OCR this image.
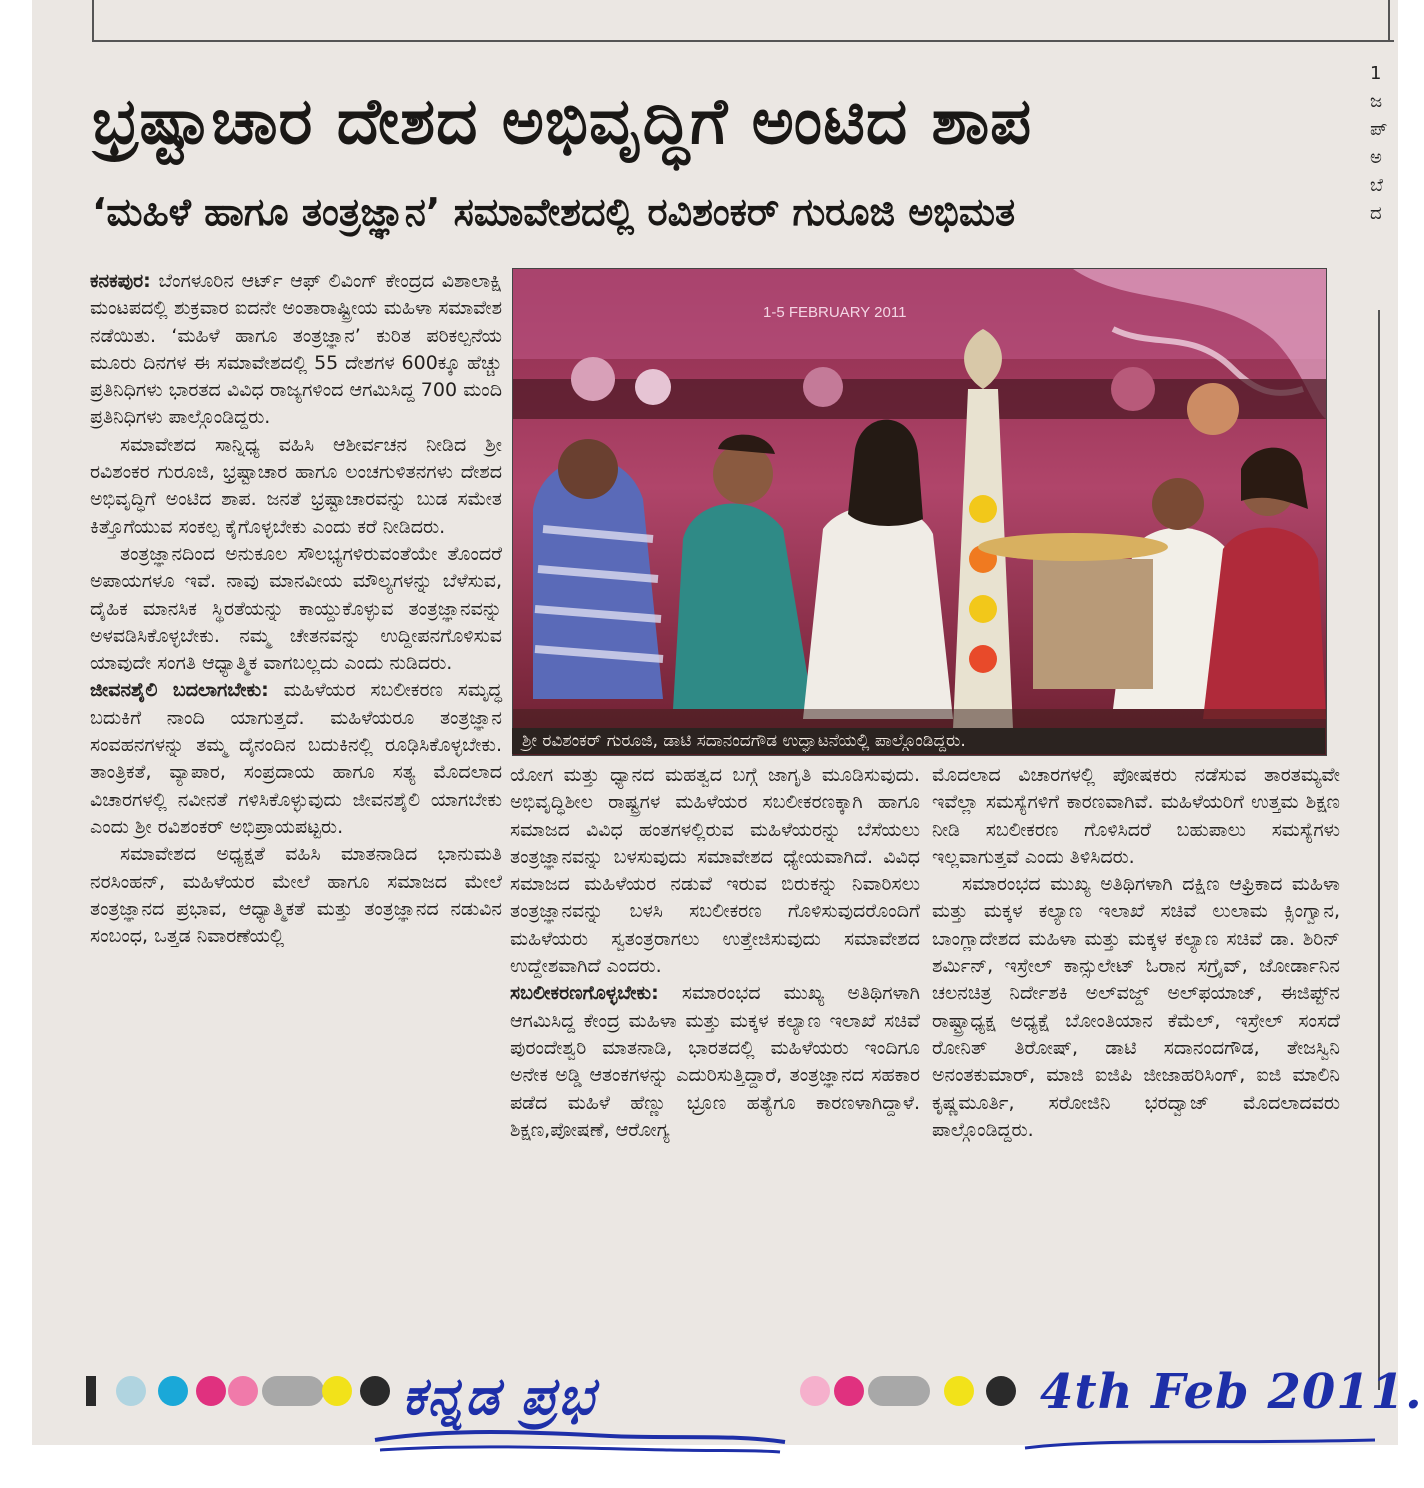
ಭ್ರಷ್ಟಾಚಾರ ದೇಶದ ಅಭಿವೃದ್ಧಿಗೆ ಅಂಟಿದ ಶಾಪ
‘ಮಹಿಳೆ ಹಾಗೂ ತಂತ್ರಜ್ಞಾನ’ ಸಮಾವೇಶದಲ್ಲಿ ರವಿಶಂಕರ್ ಗುರೂಜಿ ಅಭಿಮತ

ಕನಕಪುರ: ಬೆಂಗಳೂರಿನ ಆರ್ಟ್ ಆಫ್ ಲಿವಿಂಗ್ ಕೇಂದ್ರದ ವಿಶಾಲಾಕ್ಷಿ ಮಂಟಪದಲ್ಲಿ ಶುಕ್ರವಾರ ಐದನೇ ಅಂತಾರಾಷ್ಟ್ರೀಯ ಮಹಿಳಾ ಸಮಾವೇಶ ನಡೆಯಿತು. ‘ಮಹಿಳೆ ಹಾಗೂ ತಂತ್ರಜ್ಞಾನ’ ಕುರಿತ ಪರಿಕಲ್ಪನೆಯ ಮೂರು ದಿನಗಳ ಈ ಸಮಾವೇಶದಲ್ಲಿ 55 ದೇಶಗಳ 600ಕ್ಕೂ ಹೆಚ್ಚು ಪ್ರತಿನಿಧಿಗಳು ಭಾರತದ ವಿವಿಧ ರಾಜ್ಯಗಳಿಂದ ಆಗಮಿಸಿದ್ದ 700 ಮಂದಿ ಪ್ರತಿನಿಧಿಗಳು ಪಾಲ್ಗೊಂಡಿದ್ದರು.

ಸಮಾವೇಶದ ಸಾನ್ನಿಧ್ಯ ವಹಿಸಿ ಆಶೀರ್ವಚನ ನೀಡಿದ ಶ್ರೀ ರವಿಶಂಕರ ಗುರೂಜಿ, ಭ್ರಷ್ಟಾಚಾರ ಹಾಗೂ ಲಂಚಗುಳಿತನಗಳು ದೇಶದ ಅಭಿವೃದ್ಧಿಗೆ ಅಂಟಿದ ಶಾಪ. ಜನತೆ ಭ್ರಷ್ಟಾಚಾರವನ್ನು ಬುಡ ಸಮೇತ ಕಿತ್ತೊಗೆಯುವ ಸಂಕಲ್ಪ ಕೈಗೊಳ್ಳಬೇಕು ಎಂದು ಕರೆ ನೀಡಿದರು.

ತಂತ್ರಜ್ಞಾನದಿಂದ ಅನುಕೂಲ ಸೌಲಭ್ಯಗಳಿರುವಂತೆಯೇ ತೊಂದರೆ ಅಪಾಯಗಳೂ ಇವೆ. ನಾವು ಮಾನವೀಯ ಮೌಲ್ಯಗಳನ್ನು ಬೆಳೆಸುವ, ದೈಹಿಕ ಮಾನಸಿಕ ಸ್ಥಿರತೆಯನ್ನು ಕಾಯ್ದುಕೊಳ್ಳುವ ತಂತ್ರಜ್ಞಾನವನ್ನು ಅಳವಡಿಸಿಕೊಳ್ಳಬೇಕು. ನಮ್ಮ ಚೇತನವನ್ನು ಉದ್ದೀಪನಗೊಳಿಸುವ ಯಾವುದೇ ಸಂಗತಿ ಆಧ್ಯಾತ್ಮಿಕ ವಾಗಬಲ್ಲದು ಎಂದು ನುಡಿದರು.

ಜೀವನಶೈಲಿ ಬದಲಾಗಬೇಕು: ಮಹಿಳೆಯರ ಸಬಲೀಕರಣ ಸಮೃದ್ಧ ಬದುಕಿಗೆ ನಾಂದಿ ಯಾಗುತ್ತದೆ. ಮಹಿಳೆಯರೂ ತಂತ್ರಜ್ಞಾನ ಸಂವಹನಗಳನ್ನು ತಮ್ಮ ದೈನಂದಿನ ಬದುಕಿನಲ್ಲಿ ರೂಢಿಸಿಕೊಳ್ಳಬೇಕು. ತಾಂತ್ರಿಕತೆ, ವ್ಯಾಪಾರ, ಸಂಪ್ರದಾಯ ಹಾಗೂ ಸತ್ಯ ಮೊದಲಾದ ವಿಚಾರಗಳಲ್ಲಿ ನವೀನತೆ ಗಳಿಸಿಕೊಳ್ಳುವುದು ಜೀವನಶೈಲಿ ಯಾಗಬೇಕು ಎಂದು ಶ್ರೀ ರವಿಶಂಕರ್ ಅಭಿಪ್ರಾಯಪಟ್ಟರು.

ಸಮಾವೇಶದ ಅಧ್ಯಕ್ಷತೆ ವಹಿಸಿ ಮಾತನಾಡಿದ ಭಾನುಮತಿ ನರಸಿಂಹನ್, ಮಹಿಳೆಯರ ಮೇಲೆ ಹಾಗೂ ಸಮಾಜದ ಮೇಲೆ ತಂತ್ರಜ್ಞಾನದ ಪ್ರಭಾವ, ಆಧ್ಯಾತ್ಮಿಕತೆ ಮತ್ತು ತಂತ್ರಜ್ಞಾನದ ನಡುವಿನ ಸಂಬಂಧ, ಒತ್ತಡ ನಿವಾರಣೆಯಲ್ಲಿ

1-5 FEBRUARY 2011
ಶ್ರೀ ರವಿಶಂಕರ್ ಗುರೂಜಿ, ಡಾಟಿ ಸದಾನಂದಗೌಡ ಉದ್ಘಾಟನೆಯಲ್ಲಿ ಪಾಲ್ಗೊಂಡಿದ್ದರು.

ಯೋಗ ಮತ್ತು ಧ್ಯಾನದ ಮಹತ್ವದ ಬಗ್ಗೆ ಜಾಗೃತಿ ಮೂಡಿಸುವುದು. ಅಭಿವೃದ್ಧಿಶೀಲ ರಾಷ್ಟ್ರಗಳ ಮಹಿಳೆಯರ ಸಬಲೀಕರಣಕ್ಕಾಗಿ ಹಾಗೂ ಸಮಾಜದ ವಿವಿಧ ಹಂತಗಳಲ್ಲಿರುವ ಮಹಿಳೆಯರನ್ನು ಬೆಸೆಯಲು ತಂತ್ರಜ್ಞಾನವನ್ನು ಬಳಸುವುದು ಸಮಾವೇಶದ ಧ್ಯೇಯವಾಗಿದೆ. ವಿವಿಧ ಸಮಾಜದ ಮಹಿಳೆಯರ ನಡುವೆ ಇರುವ ಬಿರುಕನ್ನು ನಿವಾರಿಸಲು ತಂತ್ರಜ್ಞಾನವನ್ನು ಬಳಸಿ ಸಬಲೀಕರಣ ಗೊಳಿಸುವುದರೊಂದಿಗೆ ಮಹಿಳೆಯರು ಸ್ವತಂತ್ರರಾಗಲು ಉತ್ತೇಜಿಸುವುದು ಸಮಾವೇಶದ ಉದ್ದೇಶವಾಗಿದೆ ಎಂದರು.

ಸಬಲೀಕರಣಗೊಳ್ಳಬೇಕು: ಸಮಾರಂಭದ ಮುಖ್ಯ ಅತಿಥಿಗಳಾಗಿ ಆಗಮಿಸಿದ್ದ ಕೇಂದ್ರ ಮಹಿಳಾ ಮತ್ತು ಮಕ್ಕಳ ಕಲ್ಯಾಣ ಇಲಾಖೆ ಸಚಿವೆ ಪುರಂದೇಶ್ವರಿ ಮಾತನಾಡಿ, ಭಾರತದಲ್ಲಿ ಮಹಿಳೆಯರು ಇಂದಿಗೂ ಅನೇಕ ಅಡ್ಡಿ ಆತಂಕಗಳನ್ನು ಎದುರಿಸುತ್ತಿದ್ದಾರೆ, ತಂತ್ರಜ್ಞಾನದ ಸಹಕಾರ ಪಡೆದ ಮಹಿಳೆ ಹೆಣ್ಣು ಭ್ರೂಣ ಹತ್ಯೆಗೂ ಕಾರಣಳಾಗಿದ್ದಾಳೆ. ಶಿಕ್ಷಣ,ಪೋಷಣೆ, ಆರೋಗ್ಯ

ಮೊದಲಾದ ವಿಚಾರಗಳಲ್ಲಿ ಪೋಷಕರು ನಡೆಸುವ ತಾರತಮ್ಯವೇ ಇವೆಲ್ಲಾ ಸಮಸ್ಯೆಗಳಿಗೆ ಕಾರಣವಾಗಿವೆ. ಮಹಿಳೆಯರಿಗೆ ಉತ್ತಮ ಶಿಕ್ಷಣ ನೀಡಿ ಸಬಲೀಕರಣ ಗೊಳಿಸಿದರೆ ಬಹುಪಾಲು ಸಮಸ್ಯೆಗಳು ಇಲ್ಲವಾಗುತ್ತವೆ ಎಂದು ತಿಳಿಸಿದರು.

ಸಮಾರಂಭದ ಮುಖ್ಯ ಅತಿಥಿಗಳಾಗಿ ದಕ್ಷಿಣ ಆಫ್ರಿಕಾದ ಮಹಿಳಾ ಮತ್ತು ಮಕ್ಕಳ ಕಲ್ಯಾಣ ಇಲಾಖೆ ಸಚಿವೆ ಲುಲಾಮ ಕ್ಸಿಂಗ್ವಾನ, ಬಾಂಗ್ಲಾದೇಶದ ಮಹಿಳಾ ಮತ್ತು ಮಕ್ಕಳ ಕಲ್ಯಾಣ ಸಚಿವೆ ಡಾ. ಶಿರಿನ್ ಶರ್ಮಿನ್, ಇಸ್ರೇಲ್ ಕಾನ್ಸುಲೇಟ್ ಓರಾನ ಸಗ್ರೈವ್, ಜೋರ್ಡಾನಿನ ಚಲನಚಿತ್ರ ನಿರ್ದೇಶಕಿ ಅಲ್‌ವಜ್ದ್ ಅಲ್‌ಫಯಾಜ್, ಈಜಿಪ್ಟ್‌ನ ರಾಷ್ಟ್ರಾಧ್ಯಕ್ಷ ಅಧ್ಯಕ್ಷೆ ಬೋಂತಿಯಾನ ಕೆಮೆಲ್, ಇಸ್ರೇಲ್ ಸಂಸದೆ ರೋನಿತ್ ತಿರೋಷ್, ಡಾಟಿ ಸದಾನಂದಗೌಡ, ತೇಜಸ್ವಿನಿ ಅನಂತಕುಮಾರ್, ಮಾಜಿ ಐಜಿಪಿ ಜೀಜಾಹರಿಸಿಂಗ್, ಐಜಿ ಮಾಲಿನಿ ಕೃಷ್ಣಮೂರ್ತಿ, ಸರೋಜಿನಿ ಭರದ್ವಾಜ್ ಮೊದಲಾದವರು ಪಾಲ್ಗೊಂಡಿದ್ದರು.

1
ಜ
ಪ್
ಅ
ಬೆ
ದ
ಕನ್ನಡ ಪ್ರಭ	4th Feb 2011.
